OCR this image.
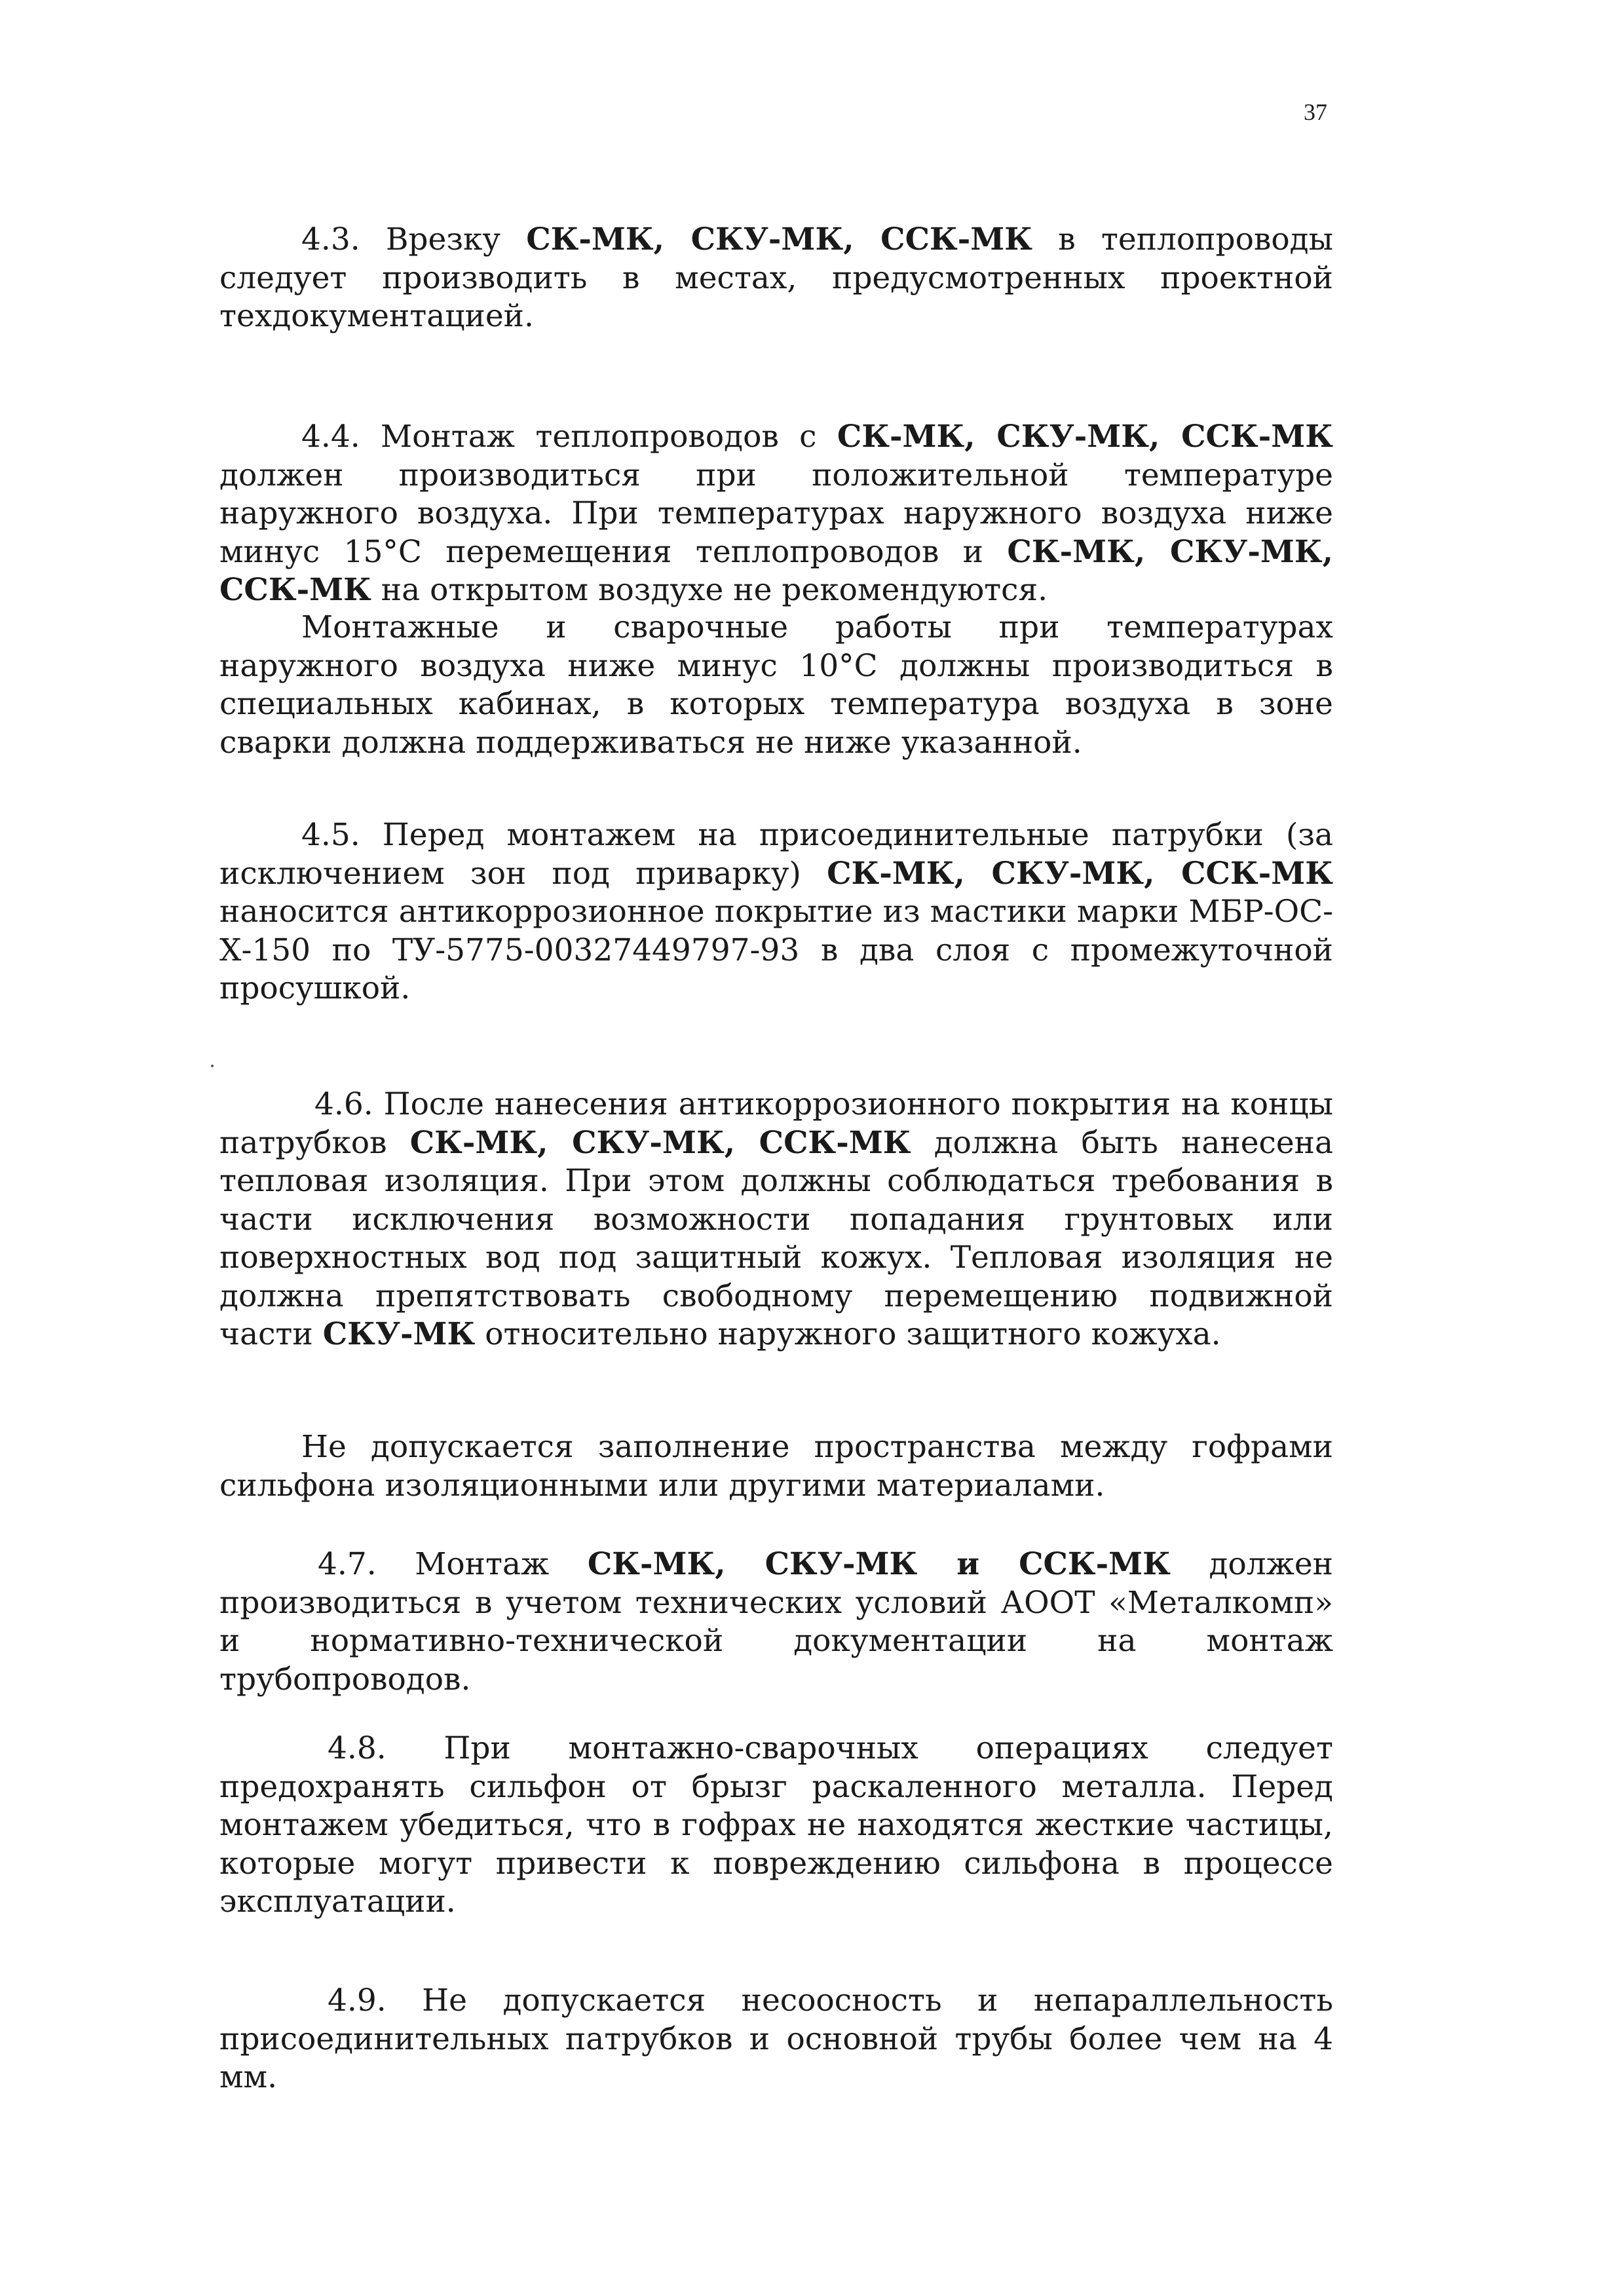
37

4.3. Врезку СК-МК, СКУ-МК, ССК-МК в теплопроводы следует производить в местах, предусмотренных проектной техдокументацией.

4.4. Монтаж теплопроводов с СК-МК, СКУ-МК, ССК-МК должен производиться при положительной температуре наружного воздуха. При температурах наружного воздуха ниже минус 15°С перемещения теплопроводов и СК-МК, СКУ-МК, ССК-МК на открытом воздухе не рекомендуются.

Монтажные и сварочные работы при температурах наружного воздуха ниже минус 10°С должны производиться в специальных кабинах, в которых температура воздуха в зоне сварки должна поддерживаться не ниже указанной.

4.5. Перед монтажем на присоединительные патрубки (за исключением зон под приварку) СК-МК, СКУ-МК, ССК-МК наносится антикоррозионное покрытие из мастики марки МБР-ОС-Х-150 по ТУ-5775-00327449797-93 в два слоя с промежуточной просушкой.

4.6. После нанесения антикоррозионного покрытия на концы патрубков СК-МК, СКУ-МК, ССК-МК должна быть нанесена тепловая изоляция. При этом должны соблюдаться требования в части исключения возможности попадания грунтовых или поверхностных вод под защитный кожух. Тепловая изоляция не должна препятствовать свободному перемещению подвижной части СКУ-МК относительно наружного защитного кожуха.

Не допускается заполнение пространства между гофрами сильфона изоляционными или другими материалами.

4.7. Монтаж СК-МК, СКУ-МК и ССК-МК должен производиться в учетом технических условий АООТ «Металкомп» и нормативно-технической документации на монтаж трубопроводов.

4.8. При монтажно-сварочных операциях следует предохранять сильфон от брызг раскаленного металла. Перед монтажем убедиться, что в гофрах не находятся жесткие частицы, которые могут привести к повреждению сильфона в процессе эксплуатации.

4.9. Не допускается несоосность и непараллельность присоединительных патрубков и основной трубы более чем на 4 мм.
